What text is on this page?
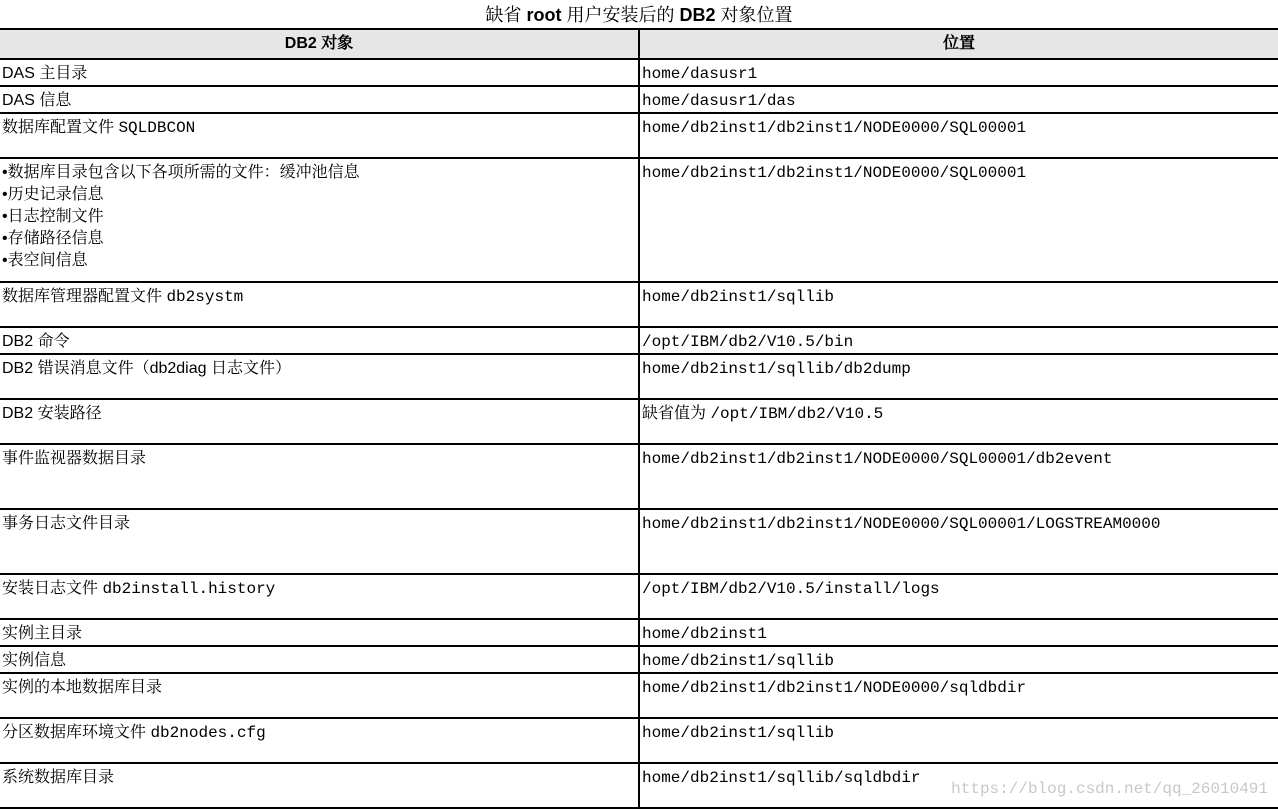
缺省 root 用户安装后的 DB2 对象位置
DB2 对象	位置
DAS 主目录	home/dasusr1
DAS 信息	home/dasusr1/das
数据库配置文件 SQLDBCON	home/db2inst1/db2inst1/NODE0000/SQL00001

•数据库目录包含以下各项所需的文件：缓冲池信息
•历史记录信息
•日志控制文件
•存储路径信息
•表空间信息	home/db2inst1/db2inst1/NODE0000/SQL00001
数据库管理器配置文件 db2systm	home/db2inst1/sqllib
DB2 命令	/opt/IBM/db2/V10.5/bin
DB2 错误消息文件（db2diag 日志文件）	home/db2inst1/sqllib/db2dump
DB2 安装路径	缺省值为 /opt/IBM/db2/V10.5
事件监视器数据目录	home/db2inst1/db2inst1/NODE0000/SQL00001/db2event
事务日志文件目录	home/db2inst1/db2inst1/NODE0000/SQL00001/LOGSTREAM0000
安装日志文件 db2install.history	/opt/IBM/db2/V10.5/install/logs
实例主目录	home/db2inst1
实例信息	home/db2inst1/sqllib
实例的本地数据库目录	home/db2inst1/db2inst1/NODE0000/sqldbdir
分区数据库环境文件 db2nodes.cfg	home/db2inst1/sqllib
系统数据库目录	home/db2inst1/sqllib/sqldbdir
https://blog.csdn.net/qq_26010491
